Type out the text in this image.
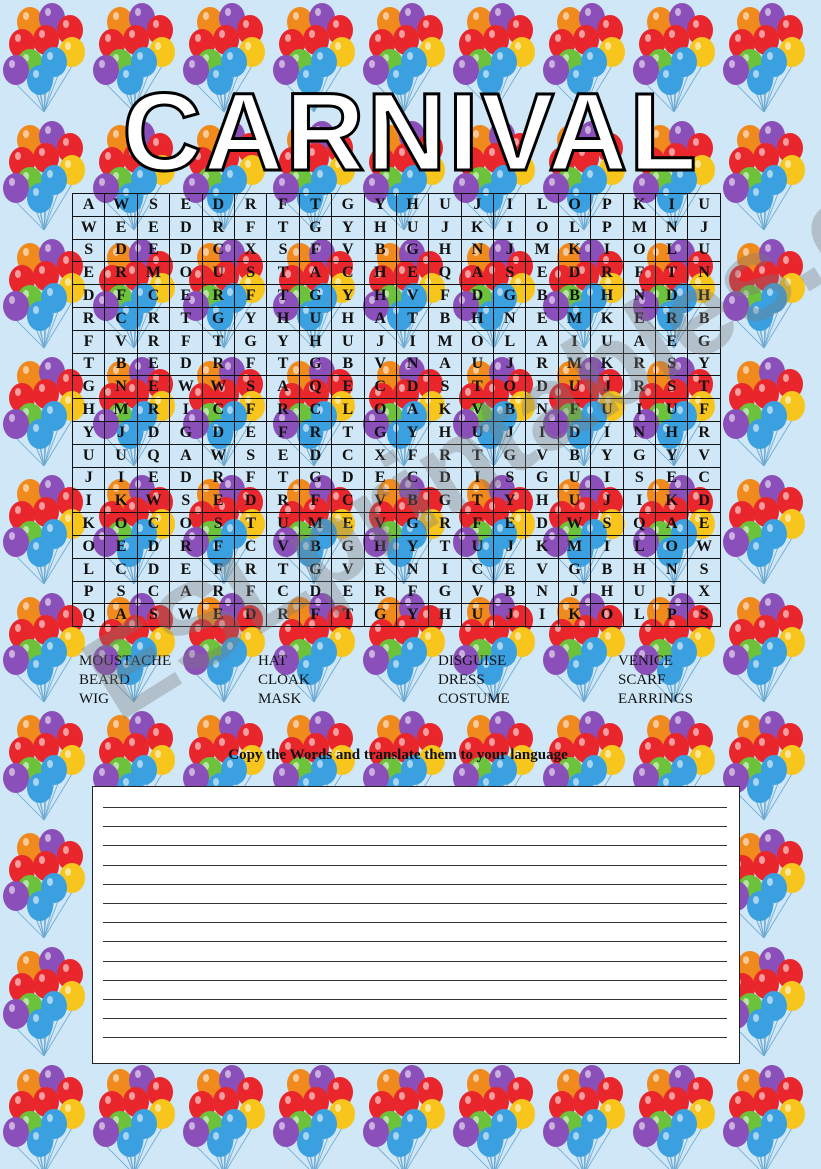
CARNIVAL
A	W	S	E	D	R	F	T	G	Y	H	U	J	I	L	O	P	K	I	U
W	E	E	D	R	F	T	G	Y	H	U	J	K	I	O	L	P	M	N	J
S	D	E	D	C	X	S	F	V	B	G	H	N	J	M	K	I	O	L	U
E	R	M	O	U	S	T	A	C	H	E	Q	A	S	E	D	R	F	T	N
D	F	C	E	R	F	T	G	Y	H	V	F	D	G	B	B	H	N	D	H
R	C	R	T	G	Y	H	U	H	A	T	B	H	N	E	M	K	E	R	B
F	V	R	F	T	G	Y	H	U	J	I	M	O	L	A	I	U	A	E	G
T	B	E	D	R	F	T	G	B	V	N	A	U	J	R	M	K	R	S	Y
G	N	E	W	W	S	A	Q	E	C	D	S	T	O	D	U	J	R	S	T
H	M	R	I	C	F	R	C	L	O	A	K	V	B	N	F	U	I	U	F
Y	J	D	G	D	E	F	R	T	G	Y	H	U	J	I	D	I	N	H	R
U	U	Q	A	W	S	E	D	C	X	F	R	T	G	V	B	Y	G	Y	V
J	I	E	D	R	F	T	G	D	E	C	D	I	S	G	U	I	S	E	C
I	K	W	S	E	D	R	F	C	V	B	G	T	Y	H	U	J	I	K	D
K	O	C	O	S	T	U	M	E	V	G	R	F	E	D	W	S	Q	A	E
O	E	D	R	F	C	V	B	G	H	Y	T	U	J	K	M	I	L	O	W
L	C	D	E	F	R	T	G	V	E	N	I	C	E	V	G	B	H	N	S
P	S	C	A	R	F	C	D	E	R	F	G	V	B	N	J	H	U	J	X
Q	A	S	W	E	D	R	F	T	G	Y	H	U	J	I	K	O	L	P	S
MOUSTACHE
BEARD
WIG
HAT
CLOAK
MASK
DISGUISE
DRESS
COSTUME
VENICE
SCARF
EARRINGS
Copy the Words and translate them to your language
ESLprintables.com
